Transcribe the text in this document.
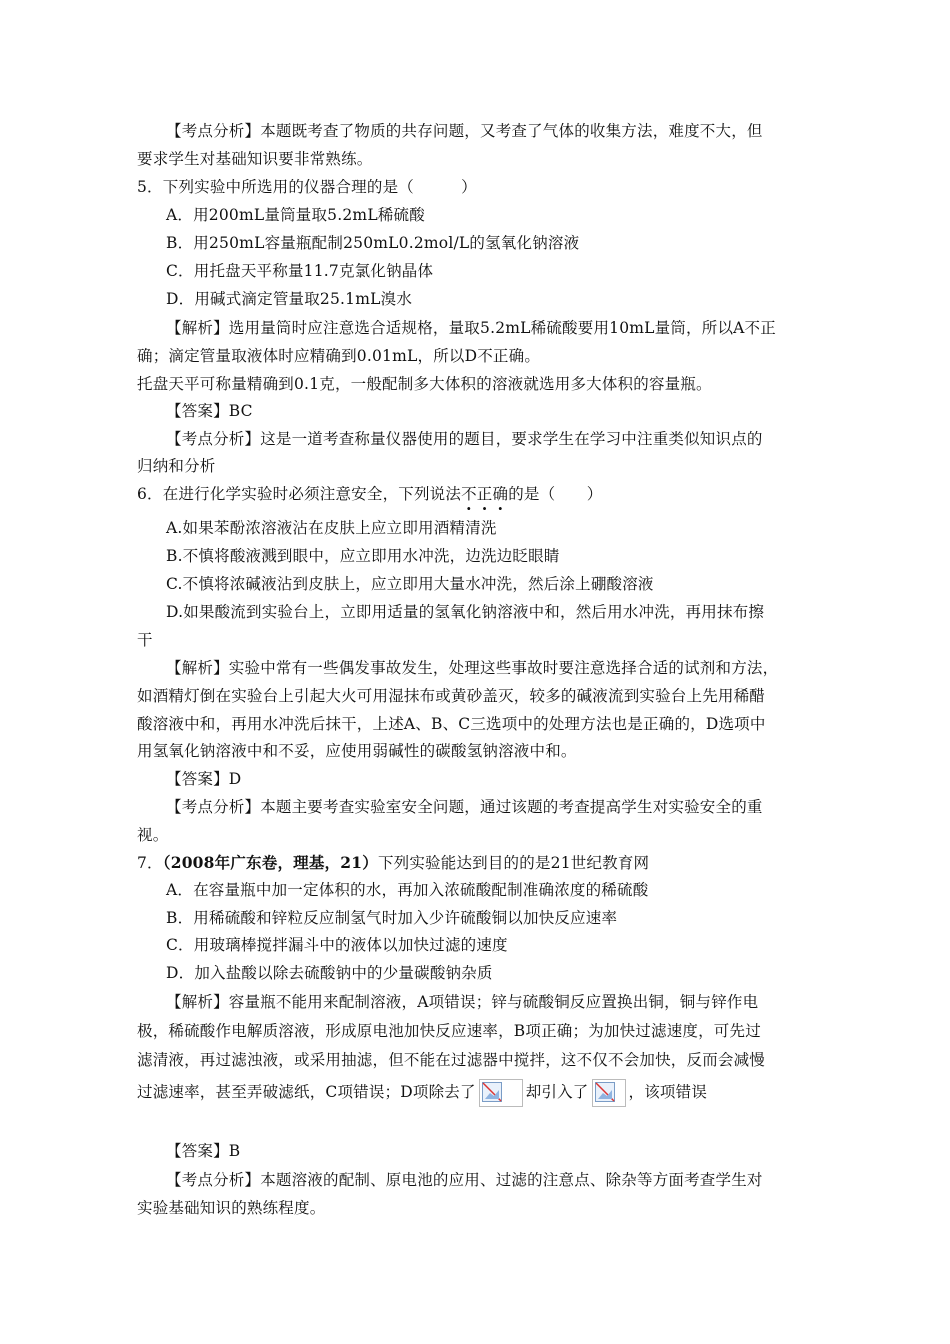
【考点分析】本题既考查了物质的共存问题，又考查了气体的收集方法，难度不大，但
要求学生对基础知识要非常熟练。
5．下列实验中所选用的仪器合理的是（　　　）
A．用200mL量筒量取5.2mL稀硫酸
B．用250mL容量瓶配制250mL0.2mol/L的氢氧化钠溶液
C．用托盘天平称量11.7克氯化钠晶体
D．用碱式滴定管量取25.1mL溴水
【解析】选用量筒时应注意选合适规格，量取5.2mL稀硫酸要用10mL量筒，所以A不正
确；滴定管量取液体时应精确到0.01mL，所以D不正确。
托盘天平可称量精确到0.1克，一般配制多大体积的溶液就选用多大体积的容量瓶。
【答案】BC
【考点分析】这是一道考查称量仪器使用的题目，要求学生在学习中注重类似知识点的
归纳和分析
6．在进行化学实验时必须注意安全，下列说法不正确的是（　　）
A.如果苯酚浓溶液沾在皮肤上应立即用酒精清洗
B.不慎将酸液溅到眼中，应立即用水冲洗，边洗边眨眼睛
C.不慎将浓碱液沾到皮肤上，应立即用大量水冲洗，然后涂上硼酸溶液
D.如果酸流到实验台上，立即用适量的氢氧化钠溶液中和，然后用水冲洗，再用抹布擦
干
【解析】实验中常有一些偶发事故发生，处理这些事故时要注意选择合适的试剂和方法，
如酒精灯倒在实验台上引起大火可用湿抹布或黄砂盖灭，较多的碱液流到实验台上先用稀醋
酸溶液中和，再用水冲洗后抹干，上述A、B、C三选项中的处理方法也是正确的，D选项中
用氢氧化钠溶液中和不妥，应使用弱碱性的碳酸氢钠溶液中和。
【答案】D
【考点分析】本题主要考查实验室安全问题，通过该题的考查提高学生对实验安全的重
视。
7．（2008年广东卷，理基，21）下列实验能达到目的的是21世纪教育网
A．在容量瓶中加一定体积的水，再加入浓硫酸配制准确浓度的稀硫酸
B．用稀硫酸和锌粒反应制氢气时加入少许硫酸铜以加快反应速率
C．用玻璃棒搅拌漏斗中的液体以加快过滤的速度
D．加入盐酸以除去硫酸钠中的少量碳酸钠杂质
【解析】容量瓶不能用来配制溶液，A项错误；锌与硫酸铜反应置换出铜，铜与锌作电
极，稀硫酸作电解质溶液，形成原电池加快反应速率，B项正确；为加快过滤速度，可先过
滤清液，再过滤浊液，或采用抽滤，但不能在过滤器中搅拌，这不仅不会加快，反而会减慢
过滤速率，甚至弄破滤纸，C项错误；D项除去了	却引入了	，该项错误
【答案】B
【考点分析】本题溶液的配制、原电池的应用、过滤的注意点、除杂等方面考查学生对
实验基础知识的熟练程度。
